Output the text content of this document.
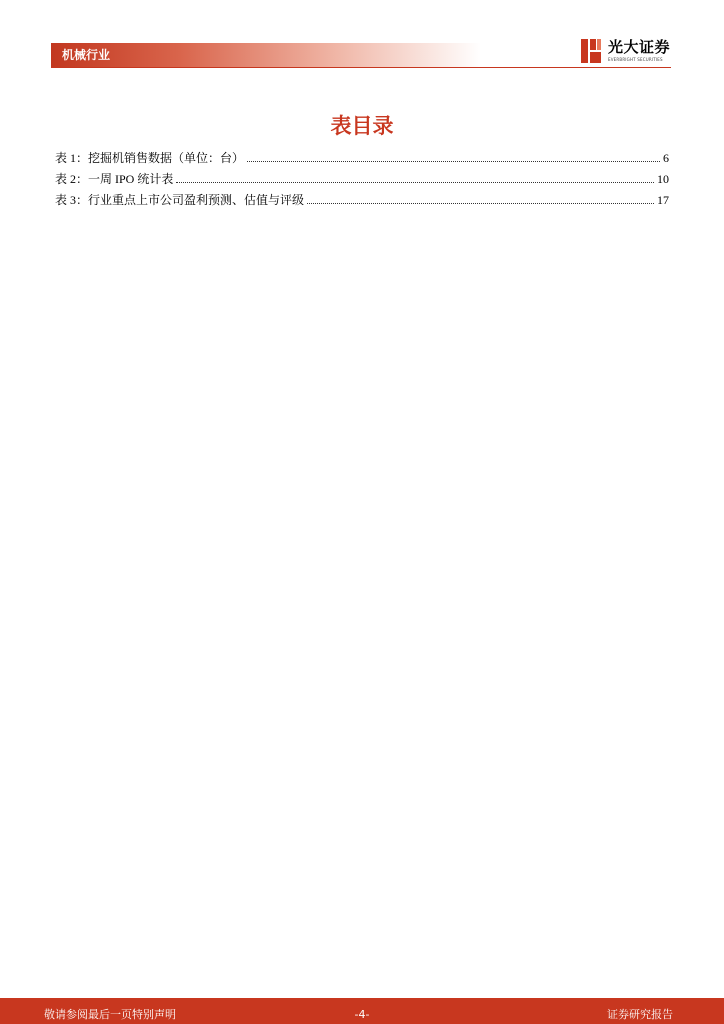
机械行业	光大证券
EVERBRIGHT SECURITIES
表目录
表 1：挖掘机销售数据（单位：台）	6
表 2：一周 IPO 统计表	10
表 3：行业重点上市公司盈利预测、估值与评级	17
敬请参阅最后一页特别声明	-4-	证券研究报告
